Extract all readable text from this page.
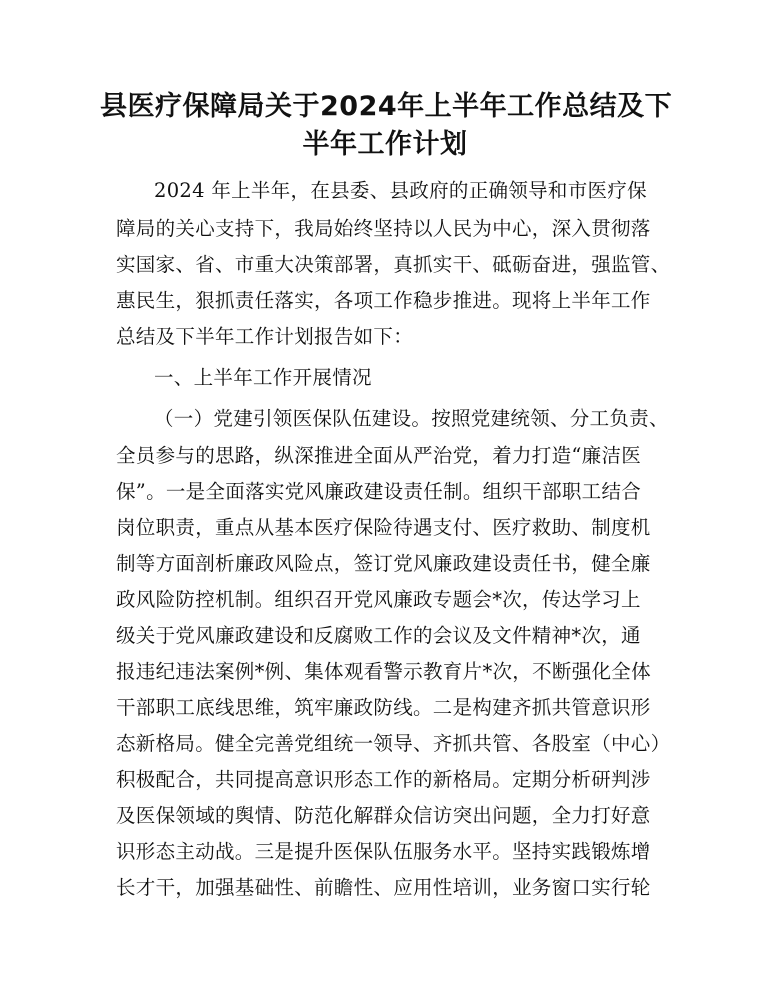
县医疗保障局关于2024年上半年工作总结及下
半年工作计划
2024 年上半年，在县委、县政府的正确领导和市医疗保
障局的关心支持下，我局始终坚持以人民为中心，深入贯彻落
实国家、省、市重大决策部署，真抓实干、砥砺奋进，强监管、
惠民生，狠抓责任落实，各项工作稳步推进。现将上半年工作
总结及下半年工作计划报告如下：
一、上半年工作开展情况
（一）党建引领医保队伍建设。按照党建统领、分工负责、
全员参与的思路，纵深推进全面从严治党，着力打造“廉洁医
保”。一是全面落实党风廉政建设责任制。组织干部职工结合
岗位职责，重点从基本医疗保险待遇支付、医疗救助、制度机
制等方面剖析廉政风险点，签订党风廉政建设责任书，健全廉
政风险防控机制。组织召开党风廉政专题会*次，传达学习上
级关于党风廉政建设和反腐败工作的会议及文件精神*次，通
报违纪违法案例*例、集体观看警示教育片*次，不断强化全体
干部职工底线思维，筑牢廉政防线。二是构建齐抓共管意识形
态新格局。健全完善党组统一领导、齐抓共管、各股室（中心）
积极配合，共同提高意识形态工作的新格局。定期分析研判涉
及医保领域的舆情、防范化解群众信访突出问题，全力打好意
识形态主动战。三是提升医保队伍服务水平。坚持实践锻炼增
长才干，加强基础性、前瞻性、应用性培训，业务窗口实行轮
